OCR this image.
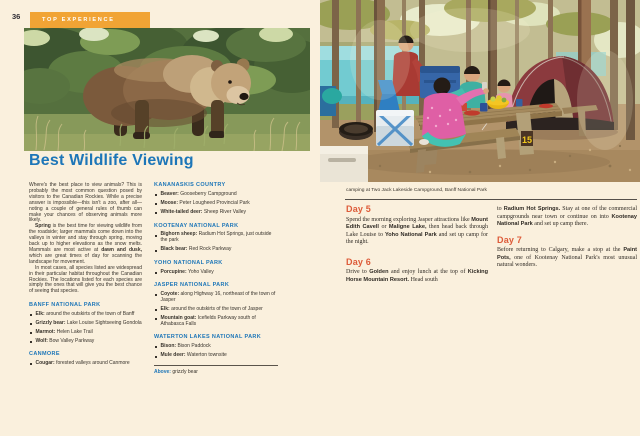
36	TOP EXPERIENCE
Best Wildlife Viewing

Where's the best place to view animals? This is probably the most common question posed by visitors to the Canadian Rockies. While a precise answer is impossible—this isn't a zoo, after all—noting a couple of general rules of thumb can make your chances of observing animals more likely.

Spring is the best time for viewing wildlife from the roadside; larger mammals come down into the valleys in winter and stay through spring, moving back up to higher elevations as the snow melts. Mammals are most active at dawn and dusk, which are great times of day for scanning the landscape for movement.

In most cases, all species listed are widespread in their particular habitat throughout the Canadian Rockies. The locations listed for each species are simply the ones that will give you the best chance of seeing that species.

BANFF NATIONAL PARK
Elk: around the outskirts of the town of Banff
Grizzly bear: Lake Louise Sightseeing Gondola
Marmot: Helen Lake Trail
Wolf: Bow Valley Parkway
CANMORE
Cougar: forested valleys around Canmore
KANANASKIS COUNTRY
Beaver: Gooseberry Campground
Moose: Peter Lougheed Provincial Park
White-tailed deer: Sheep River Valley
KOOTENAY NATIONAL PARK
Bighorn sheep: Radium Hot Springs, just outside the park
Black bear: Red Rock Parkway
YOHO NATIONAL PARK
Porcupine: Yoho Valley
JASPER NATIONAL PARK
Coyote: along Highway 16, northeast of the town of Jasper
Elk: around the outskirts of the town of Jasper
Mountain goat: Icefields Parkway south of Athabasca Falls
WATERTON LAKES NATIONAL PARK
Bison: Bison Paddock
Mule deer: Waterton townsite

Above: grizzly bear

15
camping at Two Jack Lakeside Campground, Banff National Park
Day 5

Spend the morning exploring Jasper attractions like Mount Edith Cavell or Maligne Lake, then head back through Lake Louise to Yoho National Park and set up camp for the night.

Day 6

Drive to Golden and enjoy lunch at the top of Kicking Horse Mountain Resort. Head south

to Radium Hot Springs. Stay at one of the commercial campgrounds near town or continue on into Kootenay National Park and set up camp there.

Day 7

Before returning to Calgary, make a stop at the Paint Pots, one of Kootenay National Park's most unusual natural wonders.
